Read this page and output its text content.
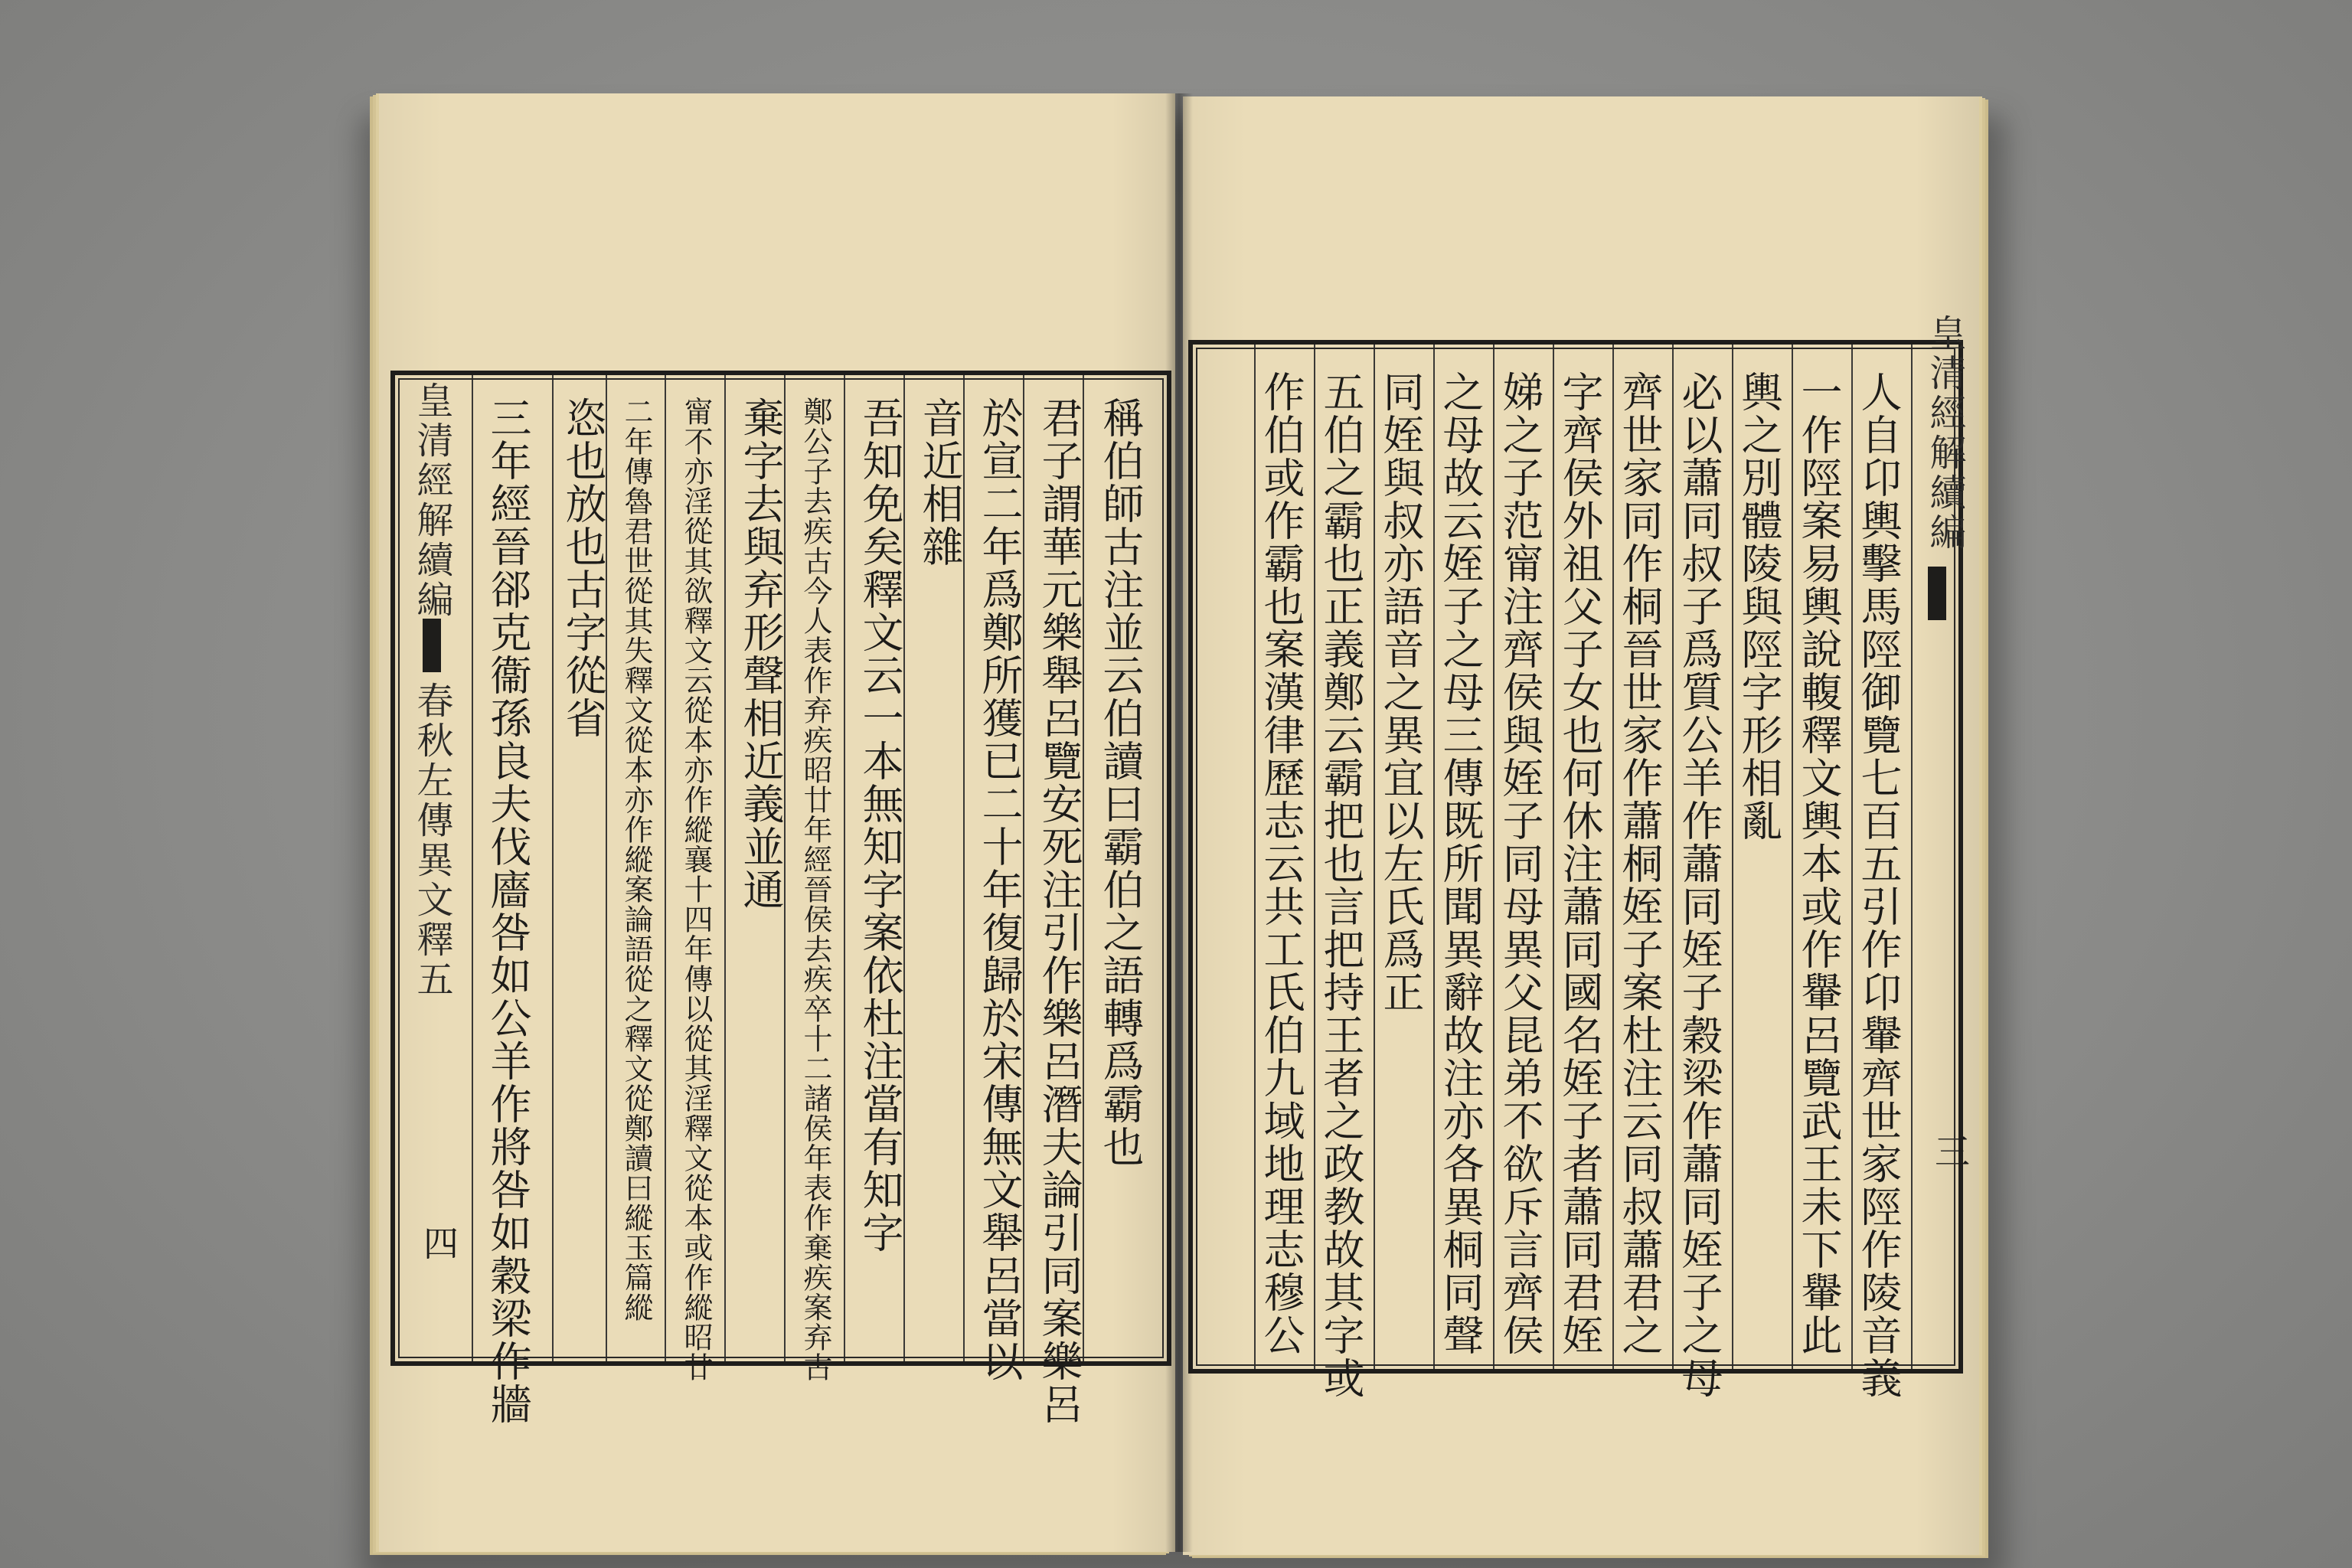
皇清經解續編
春秋左傳異文釋五
四
稱伯師古注並云伯讀曰霸伯之語轉爲霸也
君子謂華元樂舉呂覽安死注引作樂呂潛夫論引同案樂呂
於宣二年爲鄭所獲已二十年復歸於宋傳無文舉呂當以
音近相雜
吾知免矣釋文云一本無知字案依杜注當有知字
鄭公子去疾古今人表作弃疾昭廿年經晉侯去疾卒十二諸侯年表作棄疾案弃古
棄字去與弃形聲相近義並通
甯不亦淫從其欲釋文云從本亦作縱襄十四年傳以從其淫釋文從本或作縱昭廿
二年傳魯君世從其失釋文從本亦作縱案論語從之釋文從鄭讀曰縱玉篇縱
恣也放也古字從省
三年經晉郤克衞孫良夫伐廧咎如公羊作將咎如穀梁作牆	皇清經解續編
三
人自卬輿擊馬陘御覽七百五引作卬轝齊世家陘作陵音義
一作陘案易輿說輹釋文輿本或作轝呂覽武王未下轝此
輿之別體陵與陘字形相亂
必以蕭同叔子爲質公羊作蕭同姪子穀梁作蕭同姪子之母
齊世家同作桐晉世家作蕭桐姪子案杜注云同叔蕭君之
字齊侯外祖父子女也何休注蕭同國名姪子者蕭同君姪
娣之子范甯注齊侯與姪子同母異父昆弟不欲斥言齊侯
之母故云姪子之母三傳既所聞異辭故注亦各異桐同聲
同姪與叔亦語音之異宜以左氏爲正
五伯之霸也正義鄭云霸把也言把持王者之政教故其字或
作伯或作霸也案漢律歷志云共工氏伯九域地理志穆公
